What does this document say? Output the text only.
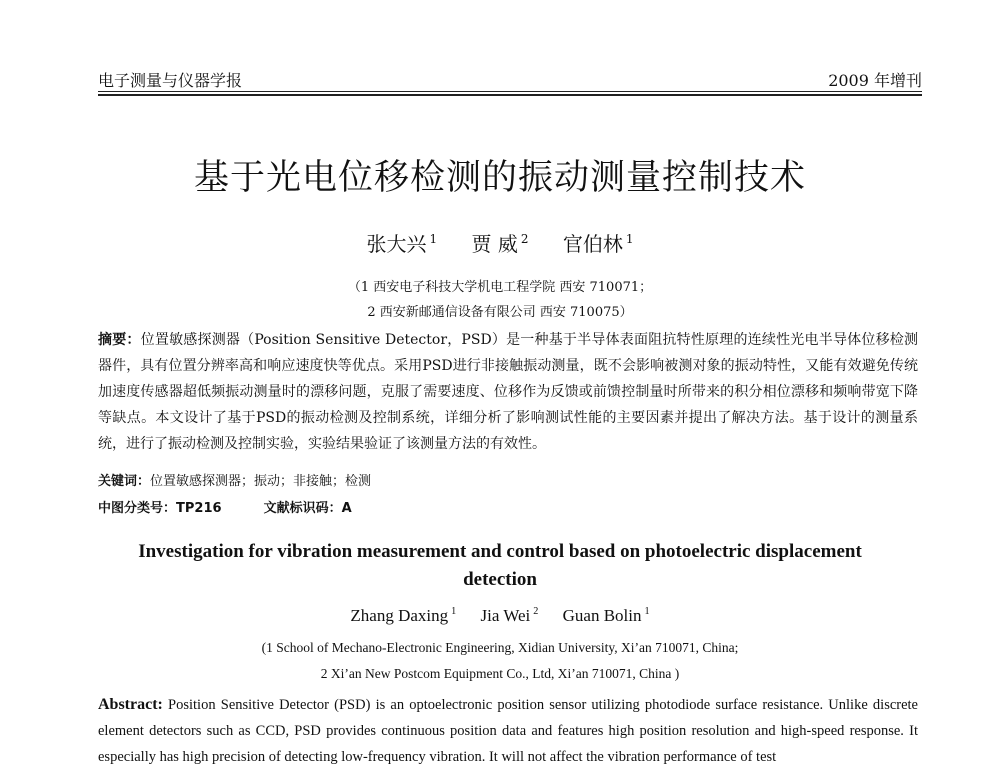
电子测量与仪器学报	2009 年增刊
基于光电位移检测的振动测量控制技术
张大兴 $^1$ 贾 威 $^2$ 官伯林 $^1$
（1 西安电子科技大学机电工程学院 西安 710071；
2 西安新邮通信设备有限公司 西安 710075）
摘要：位置敏感探测器（Position Sensitive Detector，PSD）是一种基于半导体表面阻抗特性原理的连续性光电半导体位移检测器件，具有位置分辨率高和响应速度快等优点。采用PSD进行非接触振动测量，既不会影响被测对象的振动特性，又能有效避免传统加速度传感器超低频振动测量时的漂移问题，克服了需要速度、位移作为反馈或前馈控制量时所带来的积分相位漂移和频响带宽下降等缺点。本文设计了基于PSD的振动检测及控制系统，详细分析了影响测试性能的主要因素并提出了解决方法。基于设计的测量系统，进行了振动检测及控制实验，实验结果验证了该测量方法的有效性。
关键词：位置敏感探测器；振动；非接触；检测
中图分类号：TP216	文献标识码：A
Investigation for vibration measurement and control based on photoelectric displacement detection
Zhang Daxing $^1$ Jia Wei $^2$ Guan Bolin $^1$
(1 School of Mechano-Electronic Engineering, Xidian University, Xi’an 710071, China;
2 Xi’an New Postcom Equipment Co., Ltd, Xi’an 710071, China )
Abstract: Position Sensitive Detector (PSD) is an optoelectronic position sensor utilizing photodiode surface resistance. Unlike discrete element detectors such as CCD, PSD provides continuous position data and features high position resolution and high-speed response. It especially has high precision of detecting low-frequency vibration. It will not affect the vibration performance of test
